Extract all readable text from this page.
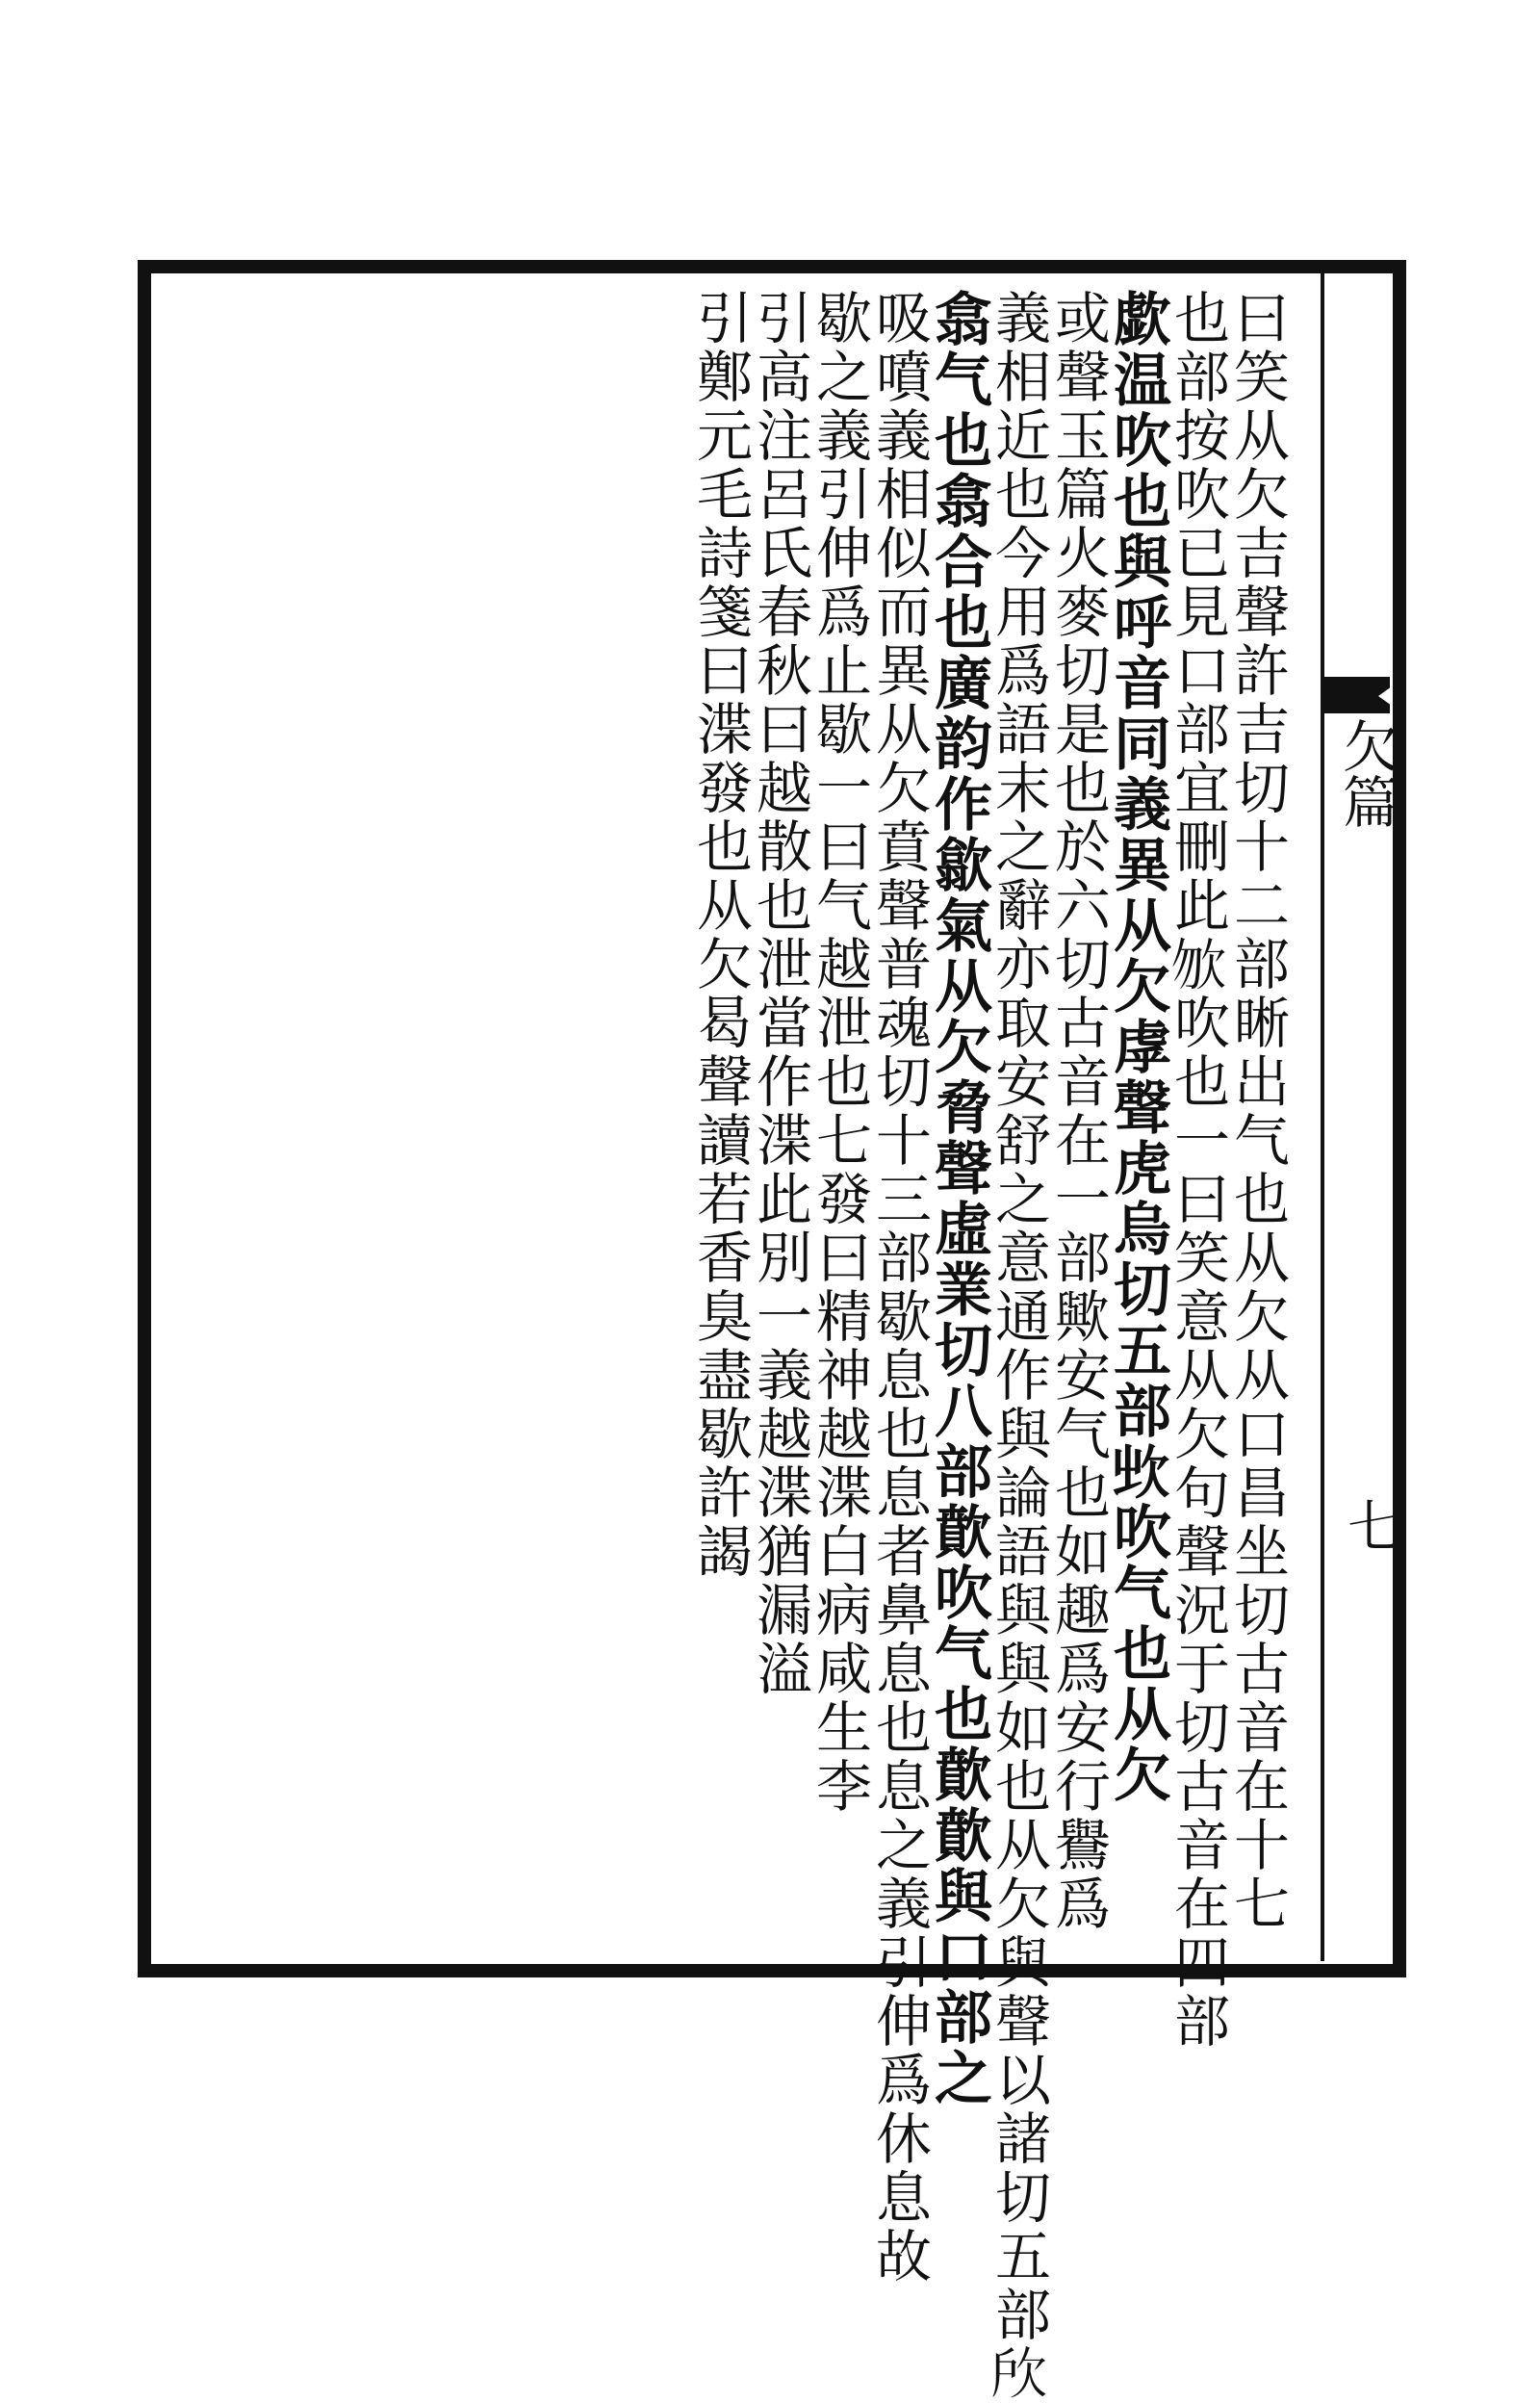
欠篇
七
曰笑从欠吉聲許吉切十二部𥇦出气也从欠从口昌坐切古音在十七
也部按吹已見口部宜刪此𣢊吹也一曰笑意从欠句聲況于切古音在四部
歔温吹也與呼音同義異从欠虖聲虎烏切五部𣢑吹气也从欠
或聲玉篇火麥切是也於六切古音在一部歟安气也如趣爲安行鸒爲
義相近也今用爲語末之辭亦取安舒之意通作與論語與與如也从欠與聲以諸切五部𣢖
翕气也翕合也廣韵作歙氣从欠脅聲虛業切八部歕吹气也歕歕與口部之
吸噴義相似而異从欠賁聲普魂切十三部歇息也息者鼻息也息之義引伸爲休息故
歇之義引伸爲止歇一曰气越泄也七發曰精神越渫白病咸生李
引高注呂氏春秋曰越散也泄當作渫此別一義越渫猶漏溢
引鄭元毛詩箋曰渫發也从欠曷聲讀若香臭盡歇許謁
